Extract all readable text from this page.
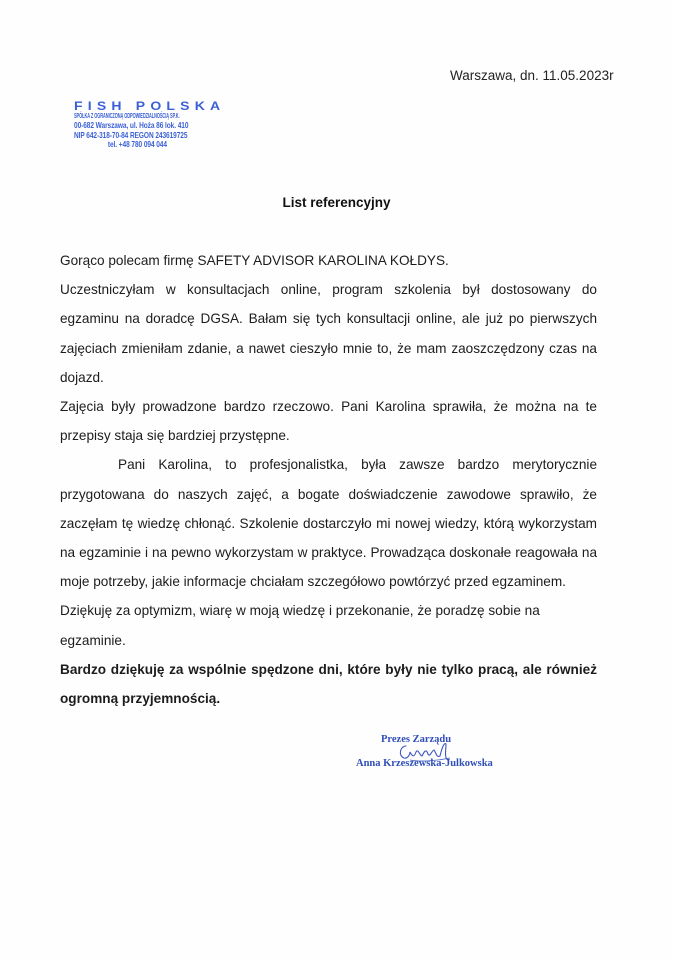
Warszawa, dn. 11.05.2023r
FISH POLSKA
SPÓŁKA Z OGRANICZONĄ ODPOWIEDZIALNOŚCIĄ SP.K.
00-682 Warszawa, ul. Hoża 86 lok. 410
NIP 642-318-70-84 REGON 243619725
tel. +48 780 094 044
List referencyjny

Gorąco polecam firmę SAFETY ADVISOR KAROLINA KOŁDYS.

Uczestniczyłam w konsultacjach online, program szkolenia był dostosowany do egzaminu na doradcę DGSA. Bałam się tych konsultacji online, ale już po pierwszych zajęciach zmieniłam zdanie, a nawet cieszyło mnie to, że mam zaoszczędzony czas na dojazd.

Zajęcia były prowadzone bardzo rzeczowo. Pani Karolina sprawiła, że można na te przepisy staja się bardziej przystępne.

Pani Karolina, to profesjonalistka, była zawsze bardzo merytorycznie przygotowana do naszych zajęć, a bogate doświadczenie zawodowe sprawiło, że zaczęłam tę wiedzę chłonąć. Szkolenie dostarczyło mi nowej wiedzy, którą wykorzystam na egzaminie i na pewno wykorzystam w praktyce. Prowadząca doskonałe reagowała na moje potrzeby, jakie informacje chciałam szczegółowo powtórzyć przed egzaminem.

Dziękuję za optymizm, wiarę w moją wiedzę i przekonanie, że poradzę sobie na egzaminie.

Bardzo dziękuję za wspólnie spędzone dni, które były nie tylko pracą, ale również ogromną przyjemnością.

Prezes Zarządu
Anna Krzeszewska-Julkowska
